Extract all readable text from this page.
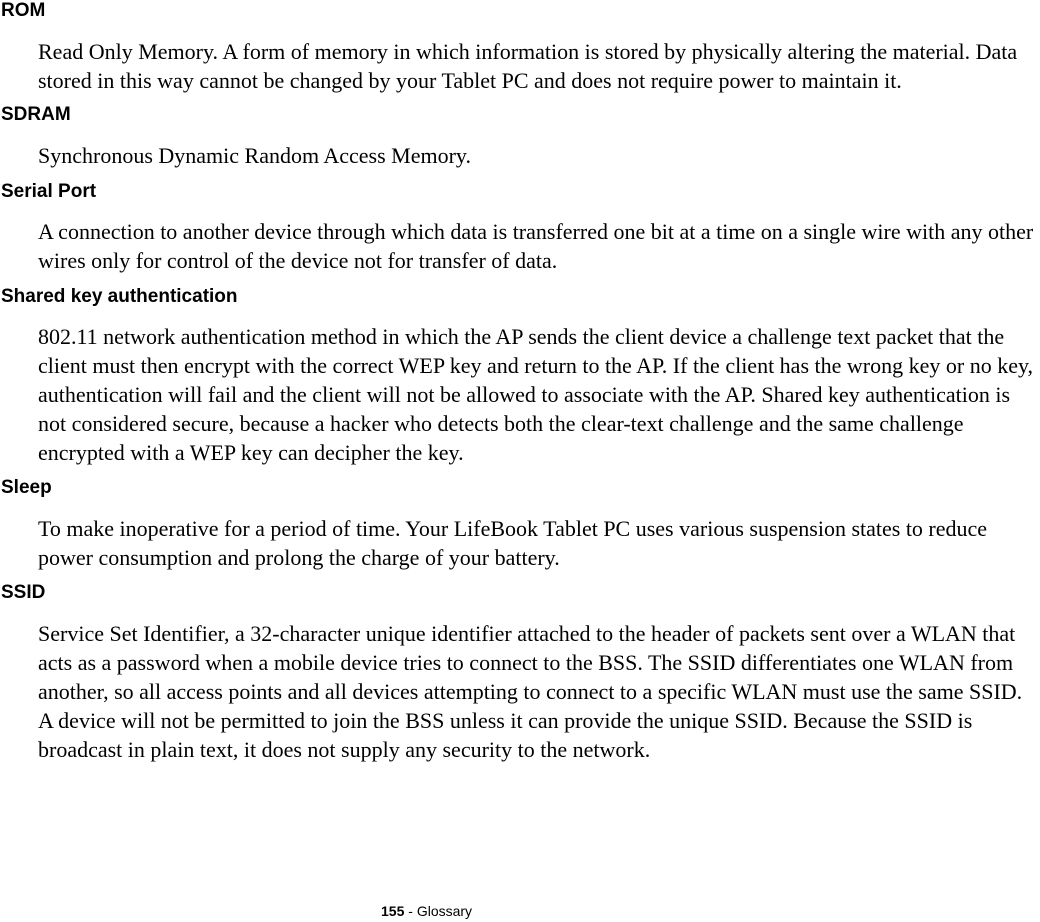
ROM

Read Only Memory. A form of memory in which information is stored by physically altering the material. Data stored in this way cannot be changed by your Tablet PC and does not require power to maintain it.

SDRAM

Synchronous Dynamic Random Access Memory.

Serial Port

A connection to another device through which data is transferred one bit at a time on a single wire with any other wires only for control of the device not for transfer of data.

Shared key authentication

802.11 network authentication method in which the AP sends the client device a challenge text packet that the client must then encrypt with the correct WEP key and return to the AP. If the client has the wrong key or no key, authentication will fail and the client will not be allowed to associate with the AP. Shared key authentication is not considered secure, because a hacker who detects both the clear-text challenge and the same challenge encrypted with a WEP key can decipher the key.

Sleep

To make inoperative for a period of time. Your LifeBook Tablet PC uses various suspension states to reduce power consumption and prolong the charge of your battery.

SSID

Service Set Identifier, a 32-character unique identifier attached to the header of packets sent over a WLAN that acts as a password when a mobile device tries to connect to the BSS. The SSID differentiates one WLAN from another, so all access points and all devices attempting to connect to a specific WLAN must use the same SSID. A device will not be permitted to join the BSS unless it can provide the unique SSID. Because the SSID is broadcast in plain text, it does not supply any security to the network.

155 - Glossary
